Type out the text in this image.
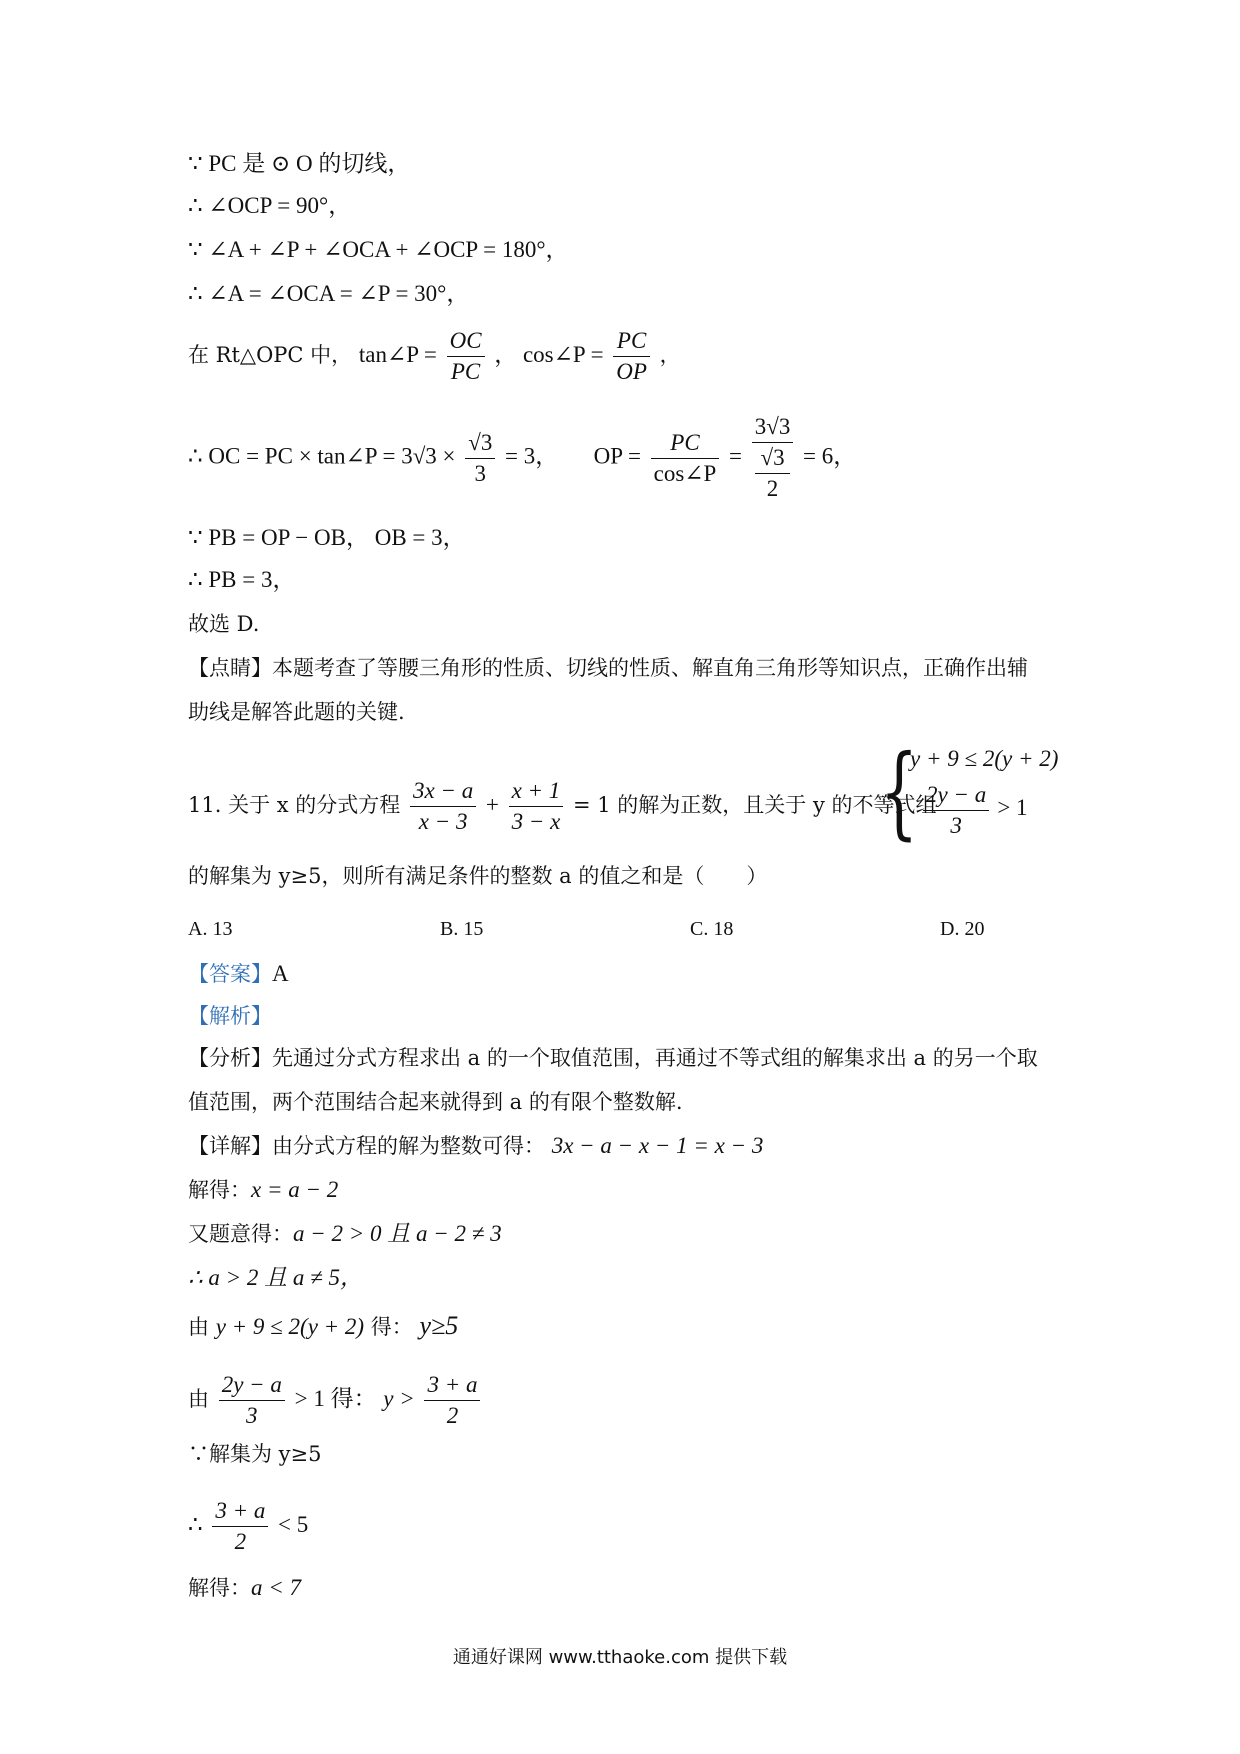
∵ PC 是 ⊙ O 的切线，
∴ ∠OCP = 90°，
∵ ∠A + ∠P + ∠OCA + ∠OCP = 180°，
∴ ∠A = ∠OCA = ∠P = 30°，
在 Rt△OPC 中， tan∠P = $\frac{OC}{PC}$ ， cos∠P = $\frac{PC}{OP}$ ，
∴ OC = PC × tan∠P = $3√3 \times \frac{√3}{3} = 3$， OP = $\frac{PC}{\cos\angle P} = 3√3$
√3
2 = 6，
∵ PB = OP − OB， OB = 3，
∴ PB = 3，
故选 D.
【点睛】本题考查了等腰三角形的性质、切线的性质、解直角三角形等知识点，正确作出辅
助线是解答此题的关键.
11. 关于 x 的分式方程 $\frac{3x - a}{x - 3} + \frac{x + 1}{3 - x} = 1$ 的解为正数，且关于 y 的不等式组
{
y + 9 ≤ 2(y + 2)
$\frac{2y - a}{3} > 1$
的解集为 y≥5，则所有满足条件的整数 a 的值之和是（　　）
A. 13	B. 15	C. 18	D. 20
【答案】A
【解析】
【分析】先通过分式方程求出 a 的一个取值范围，再通过不等式组的解集求出 a 的另一个取
值范围，两个范围结合起来就得到 a 的有限个整数解.
【详解】由分式方程的解为整数可得： 3x − a − x − 1 = x − 3
解得：x = a − 2
又题意得：a − 2 > 0 且 a − 2 ≠ 3
∴ a > 2 且 a ≠ 5，
由 y + 9 ≤ 2(y + 2) 得： y≥5
由 $\frac{2y - a}{3} > 1$ 得： $y > \frac{3 + a}{2}$
∵解集为 y≥5
∴ $\frac{3 + a}{2} < 5$
解得：a < 7
通通好课网 www.tthaoke.com 提供下载
